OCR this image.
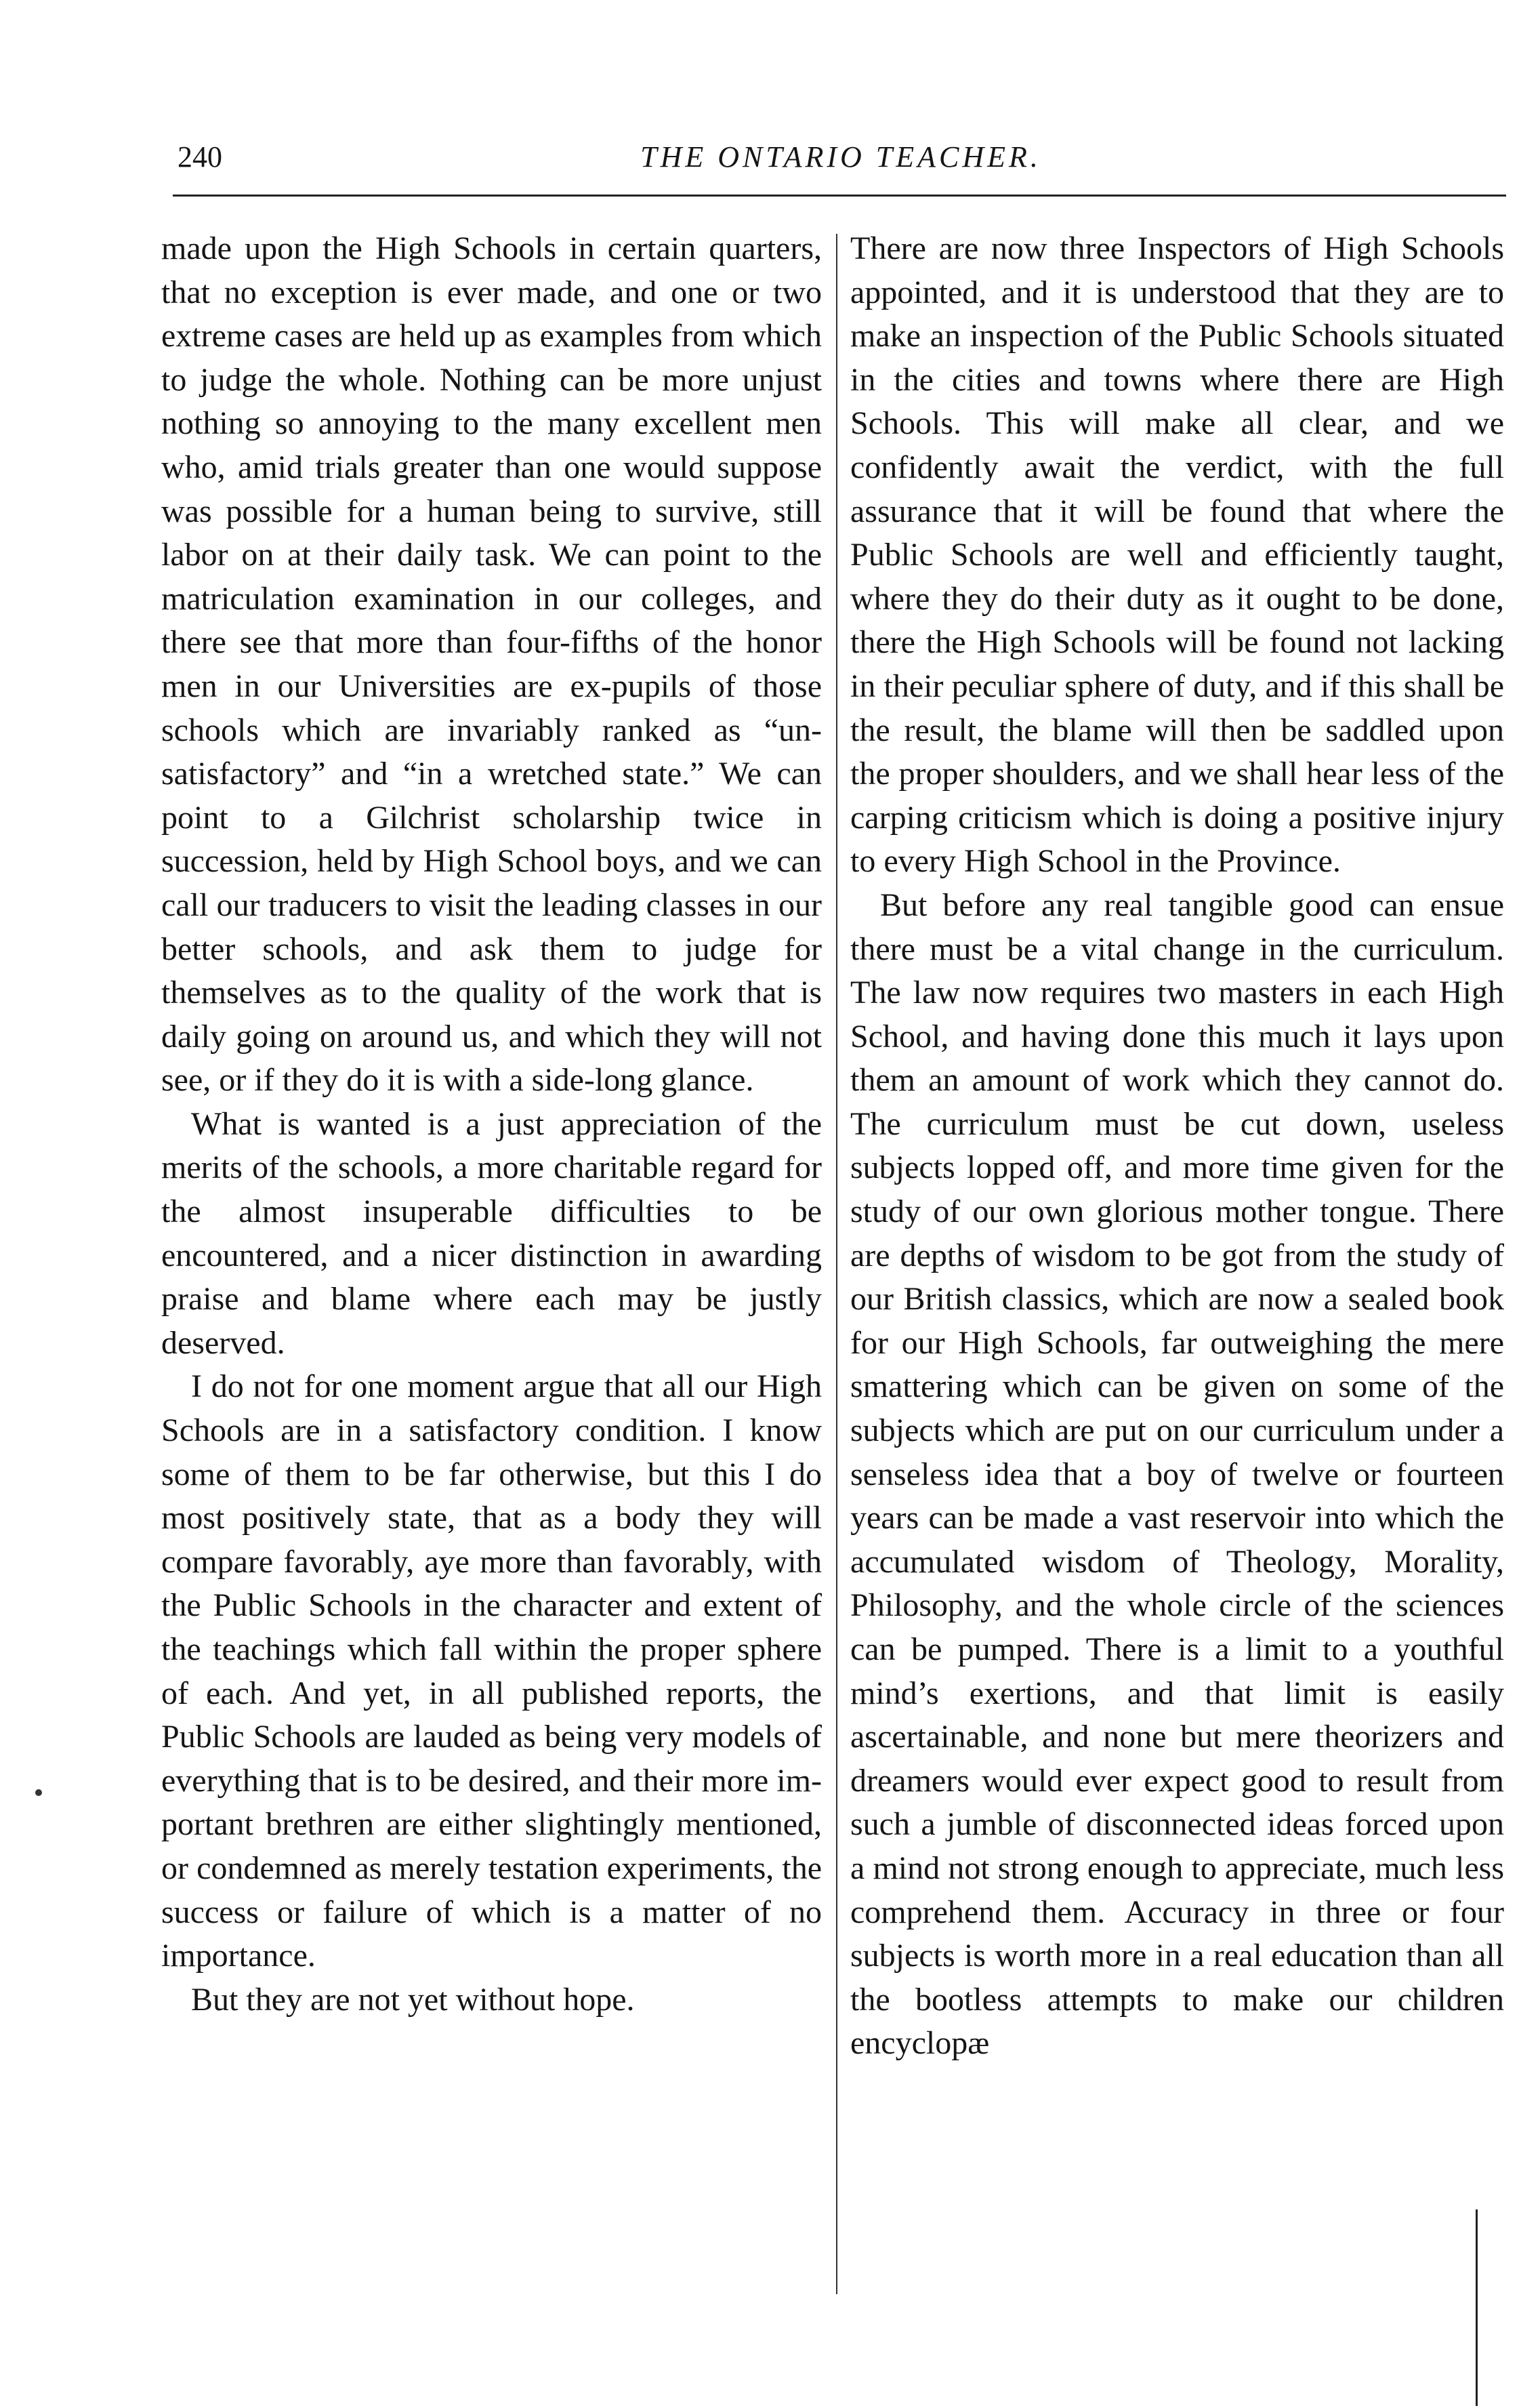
240	THE ONTARIO TEACHER.

made upon the High Schools in certain quarters, that no exception is ever made, and one or two extreme cases are held up as examples from which to judge the whole. Nothing can be more unjust nothing so annoying to the many excellent men who, amid trials greater than one would suppose was possible for a human being to survive, still labor on at their daily task. We can point to the matriculation examination in our colleges, and there see that more than four-fifths of the honor men in our Universities are ex-pupils of those schools which are invariably ranked as “unsatisfactory” and “in a wretched state.” We can point to a Gilchrist scholarship twice in succession, held by High School boys, and we can call our traducers to visit the leading classes in our better schools, and ask them to judge for themselves as to the quality of the work that is daily going on around us, and which they will not see, or if they do it is with a side-long glance.

What is wanted is a just appreciation of the merits of the schools, a more charitable regard for the almost insuperable difficulties to be encountered, and a nicer distinction in awarding praise and blame where each may be justly deserved.

I do not for one moment argue that all our High Schools are in a satisfactory condition. I know some of them to be far otherwise, but this I do most positively state, that as a body they will compare favorably, aye more than favorably, with the Public Schools in the character and extent of the teachings which fall within the proper sphere of each. And yet, in all published reports, the Public Schools are lauded as being very models of everything that is to be desired, and their more important brethren are either slightingly mentioned, or condemned as merely testation experiments, the success or failure of which is a matter of no importance.

But they are not yet without hope.

There are now three Inspectors of High Schools appointed, and it is understood that they are to make an inspection of the Public Schools situated in the cities and towns where there are High Schools. This will make all clear, and we confidently await the verdict, with the full assurance that it will be found that where the Public Schools are well and efficiently taught, where they do their duty as it ought to be done, there the High Schools will be found not lacking in their peculiar sphere of duty, and if this shall be the result, the blame will then be saddled upon the proper shoulders, and we shall hear less of the carping criticism which is doing a positive injury to every High School in the Province.

But before any real tangible good can ensue there must be a vital change in the curriculum. The law now requires two masters in each High School, and having done this much it lays upon them an amount of work which they cannot do. The curriculum must be cut down, useless subjects lopped off, and more time given for the study of our own glorious mother tongue. There are depths of wisdom to be got from the study of our British classics, which are now a sealed book for our High Schools, far outweighing the mere smattering which can be given on some of the subjects which are put on our curriculum under a senseless idea that a boy of twelve or fourteen years can be made a vast reservoir into which the accumulated wisdom of Theology, Morality, Philosophy, and the whole circle of the sciences can be pumped. There is a limit to a youthful mind’s exertions, and that limit is easily ascertainable, and none but mere theorizers and dreamers would ever expect good to result from such a jumble of disconnected ideas forced upon a mind not strong enough to appreciate, much less comprehend them. Accuracy in three or four subjects is worth more in a real education than all the bootless attempts to make our children encyclopæ
